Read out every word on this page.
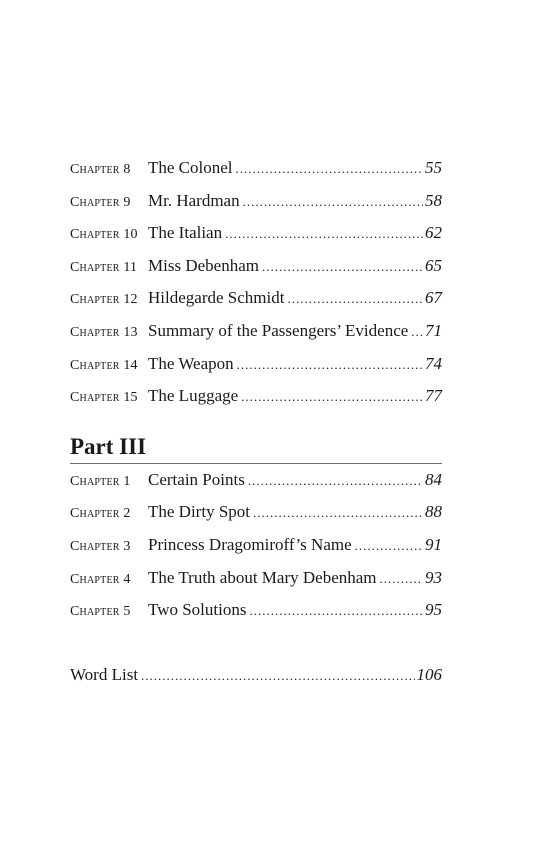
Chapter 8	The Colonel .....	55
Chapter 9	Mr. Hardman .....	58
Chapter 10 The Italian .....	62
Chapter 11 Miss Debenham .....	65
Chapter 12 Hildegarde Schmidt .....	67
Chapter 13 Summary of the Passengers’ Evidence ..... 71
Chapter 14 The Weapon .....	74
Chapter 15 The Luggage .....	77
Part III
Chapter 1	Certain Points .....	84
Chapter 2	The Dirty Spot .....	88
Chapter 3	Princess Dragomiroff’s Name .....	91
Chapter 4	The Truth about Mary Debenham .....	93
Chapter 5	Two Solutions .....	95
Word List .....	106
